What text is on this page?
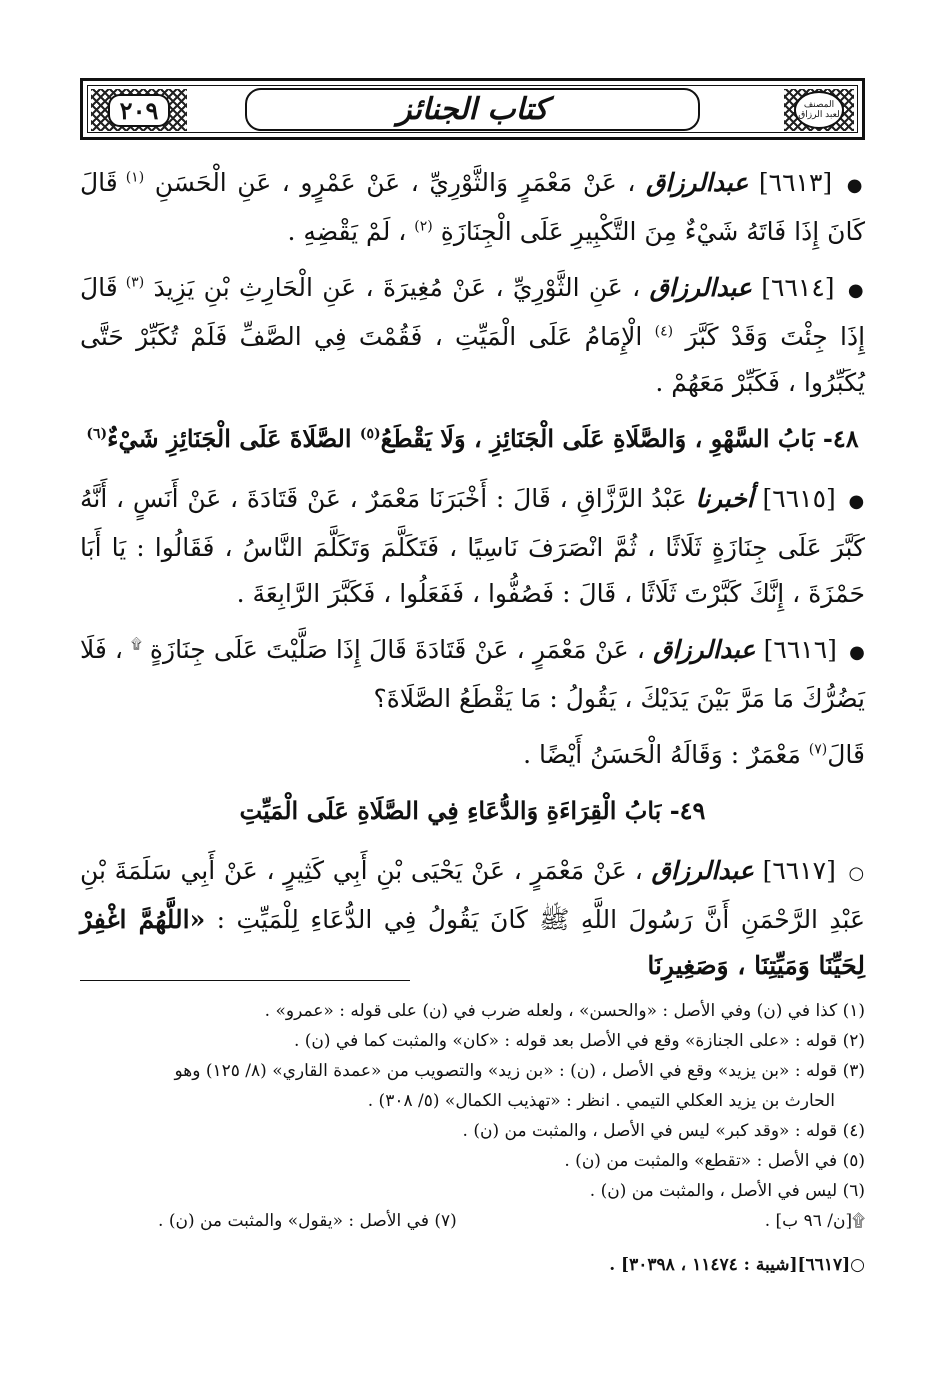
المصنف لعبد الرزاق
كتاب الجنائز
٢٠٩

● [٦٦١٣] عبدالرزاق ، عَنْ مَعْمَرٍ وَالثَّوْرِيِّ ، عَنْ عَمْرٍو ، عَنِ الْحَسَنِ $^{(١)}$ قَالَ كَانَ إِذَا فَاتَهُ شَيْءٌ مِنَ التَّكْبِيرِ عَلَى الْجِنَازَةِ $^{(٢)}$ ، لَمْ يَقْضِهِ .

● [٦٦١٤] عبدالرزاق ، عَنِ الثَّوْرِيِّ ، عَنْ مُغِيرَةَ ، عَنِ الْحَارِثِ بْنِ يَزِيدَ $^{(٣)}$ قَالَ إِذَا جِئْتَ وَقَدْ كَبَّرَ $^{(٤)}$ الْإِمَامُ عَلَى الْمَيِّتِ ، فَقُمْتَ فِي الصَّفِّ فَلَمْ تُكَبِّرْ حَتَّى يُكَبِّرُوا ، فَكَبِّرْ مَعَهُمْ .

٤٨- بَابُ السَّهْوِ ، وَالصَّلَاةِ عَلَى الْجَنَائِزِ ، وَلَا يَقْطَعُ$^{(٥)}$ الصَّلَاةَ عَلَى الْجَنَائِزِ شَيْءٌ$^{(٦)}$

● [٦٦١٥] أخبرنا عَبْدُ الرَّزَّاقِ ، قَالَ : أَخْبَرَنَا مَعْمَرٌ ، عَنْ قَتَادَةَ ، عَنْ أَنَسٍ ، أَنَّهُ كَبَّرَ عَلَى جِنَازَةٍ ثَلَاثًا ، ثُمَّ انْصَرَفَ نَاسِيًا ، فَتَكَلَّمَ وَتَكَلَّمَ النَّاسُ ، فَقَالُوا : يَا أَبَا حَمْزَةَ ، إِنَّكَ كَبَّرْتَ ثَلَاثًا ، قَالَ : فَصُفُّوا ، فَفَعَلُوا ، فَكَبَّرَ الرَّابِعَةَ .

● [٦٦١٦] عبدالرزاق ، عَنْ مَعْمَرٍ ، عَنْ قَتَادَةَ قَالَ إِذَا صَلَّيْتَ عَلَى جِنَازَةٍ ۩ ، فَلَا يَضُرُّكَ مَا مَرَّ بَيْنَ يَدَيْكَ ، يَقُولُ : مَا يَقْطَعُ الصَّلَاةَ؟

قَالَ$^{(٧)}$ مَعْمَرٌ : وَقَالَهُ الْحَسَنُ أَيْضًا .

٤٩- بَابُ الْقِرَاءَةِ وَالدُّعَاءِ فِي الصَّلَاةِ عَلَى الْمَيِّتِ

○ [٦٦١٧] عبدالرزاق ، عَنْ مَعْمَرٍ ، عَنْ يَحْيَى بْنِ أَبِي كَثِيرٍ ، عَنْ أَبِي سَلَمَةَ بْنِ عَبْدِ الرَّحْمَنِ أَنَّ رَسُولَ اللَّهِ ﷺ كَانَ يَقُولُ فِي الدُّعَاءِ لِلْمَيِّتِ : «اللَّهُمَّ اغْفِرْ لِحَيِّنَا وَمَيِّتِنَا ، وَصَغِيرِنَا

(١) كذا في (ن) وفي الأصل : «والحسن» ، ولعله ضرب في (ن) على قوله : «عمرو» .

(٢) قوله : «على الجنازة» وقع في الأصل بعد قوله : «كان» والمثبت كما في (ن) .

(٣) قوله : «بن يزيد» وقع في الأصل ، (ن) : «بن زيد» والتصويب من «عمدة القاري» (٨/ ١٢٥) وهو

الحارث بن يزيد العكلي التيمي . انظر : «تهذيب الكمال» (٥/ ٣٠٨) .

(٤) قوله : «وقد كبر» ليس في الأصل ، والمثبت من (ن) .

(٥) في الأصل : «تقطع» والمثبت من (ن) .

(٦) ليس في الأصل ، والمثبت من (ن) .

۩[ن/ ٩٦ ب] .

(٧) في الأصل : «يقول» والمثبت من (ن) .

○[٦٦١٧][شيبة : ١١٤٧٤ ، ٣٠٣٩٨] .
